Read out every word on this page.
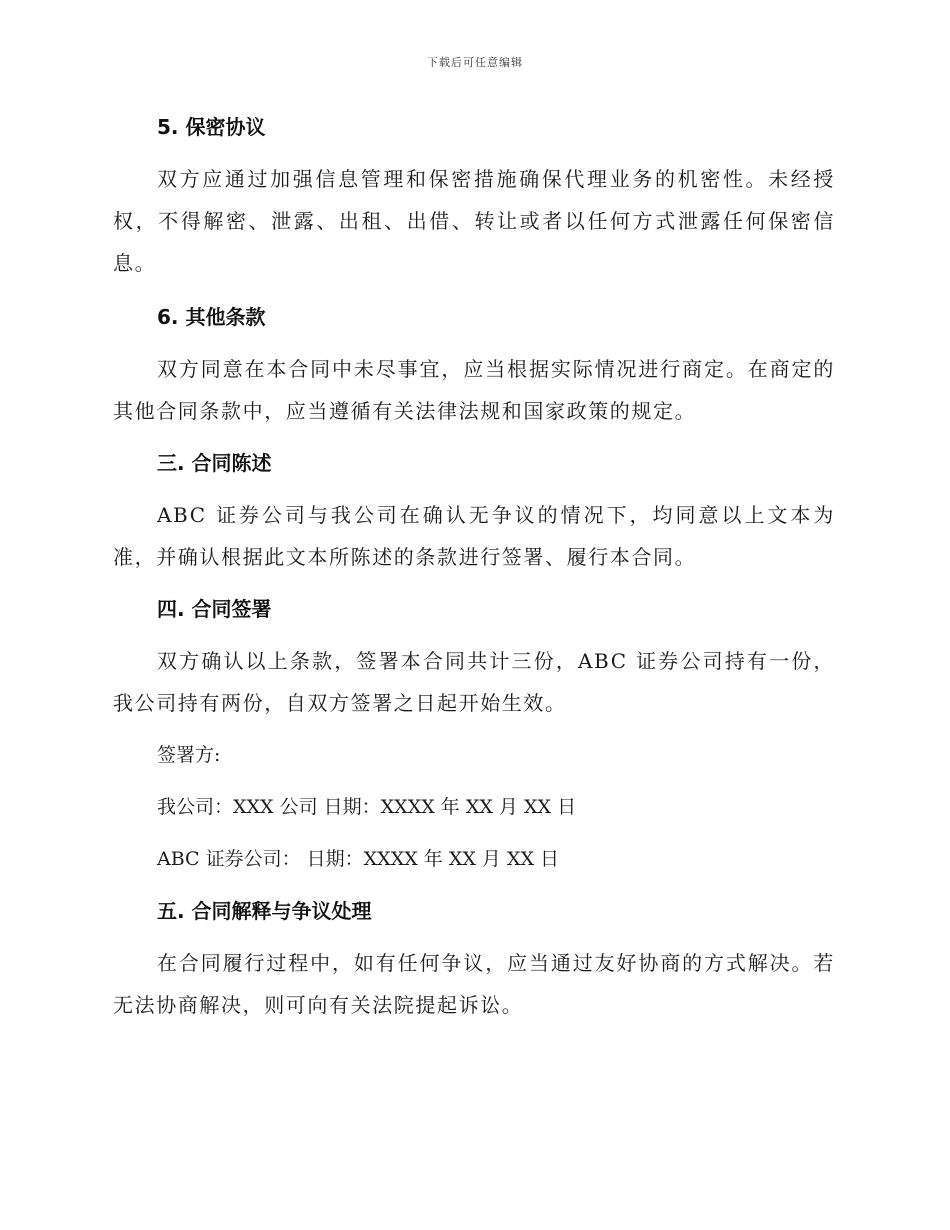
下载后可任意编辑
5. 保密协议

双方应通过加强信息管理和保密措施确保代理业务的机密性。未经授权，不得解密、泄露、出租、出借、转让或者以任何方式泄露任何保密信息。

6. 其他条款

双方同意在本合同中未尽事宜，应当根据实际情况进行商定。在商定的其他合同条款中，应当遵循有关法律法规和国家政策的规定。

三. 合同陈述

ABC 证券公司与我公司在确认无争议的情况下，均同意以上文本为准，并确认根据此文本所陈述的条款进行签署、履行本合同。

四. 合同签署

双方确认以上条款，签署本合同共计三份，ABC 证券公司持有一份，我公司持有两份，自双方签署之日起开始生效。

签署方:

我公司：XXX 公司 日期：XXXX 年 XX 月 XX 日

ABC 证券公司： 日期：XXXX 年 XX 月 XX 日

五. 合同解释与争议处理

在合同履行过程中，如有任何争议，应当通过友好协商的方式解决。若无法协商解决，则可向有关法院提起诉讼。
